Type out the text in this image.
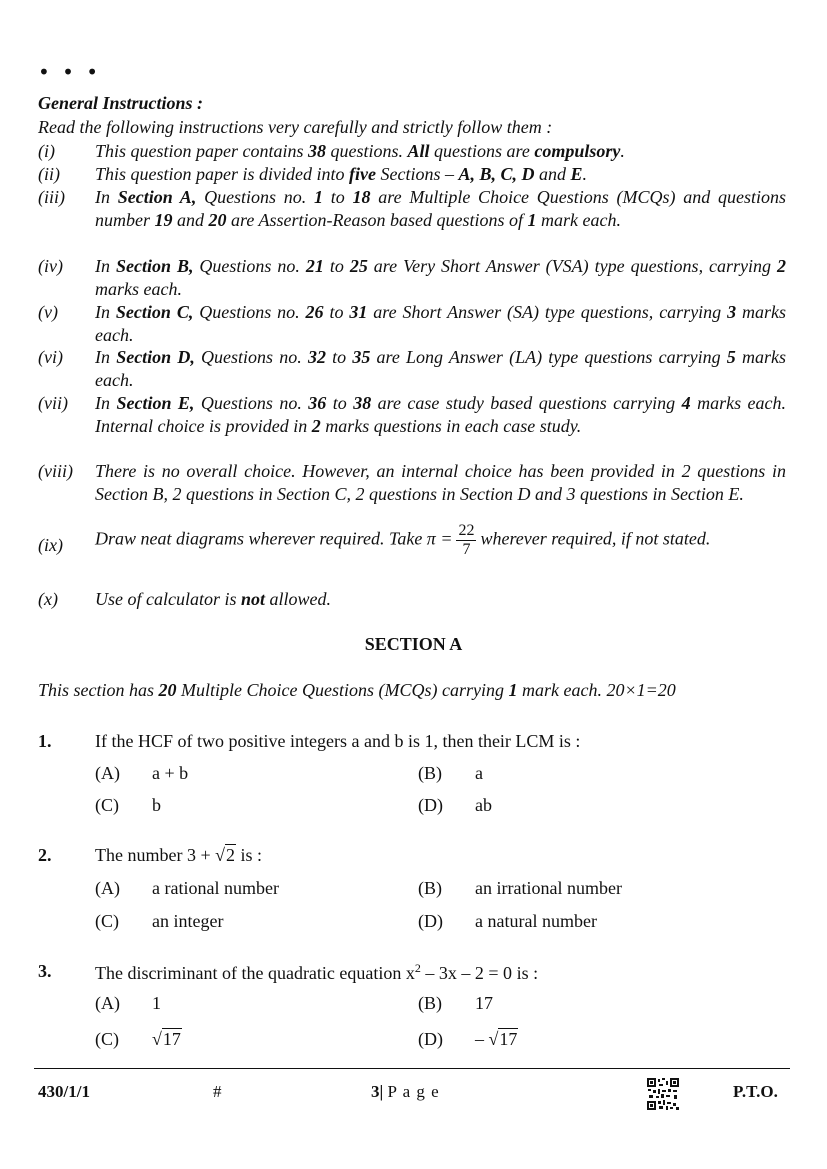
• • •
General Instructions :
Read the following instructions very carefully and strictly follow them :
(i) This question paper contains 38 questions. All questions are compulsory.
(ii) This question paper is divided into five Sections – A, B, C, D and E.
(iii) In Section A, Questions no. 1 to 18 are Multiple Choice Questions (MCQs) and questions number 19 and 20 are Assertion-Reason based questions of 1 mark each.
(iv) In Section B, Questions no. 21 to 25 are Very Short Answer (VSA) type questions, carrying 2 marks each.
(v) In Section C, Questions no. 26 to 31 are Short Answer (SA) type questions, carrying 3 marks each.
(vi) In Section D, Questions no. 32 to 35 are Long Answer (LA) type questions carrying 5 marks each.
(vii) In Section E, Questions no. 36 to 38 are case study based questions carrying 4 marks each. Internal choice is provided in 2 marks questions in each case study.
(viii) There is no overall choice. However, an internal choice has been provided in 2 questions in Section B, 2 questions in Section C, 2 questions in Section D and 3 questions in Section E.
(ix) Draw neat diagrams wherever required. Take $\pi = \frac{22}{7}$ wherever required, if not stated.
(x) Use of calculator is not allowed.
SECTION A
This section has 20 Multiple Choice Questions (MCQs) carrying 1 mark each. 20×1=20
1. If the HCF of two positive integers a and b is 1, then their LCM is :
(A) a + b	(B) a
(C) b	(D) ab
2. The number 3 + √2 is :
(A) a rational number	(B) an irrational number
(C) an integer	(D) a natural number
3. The discriminant of the quadratic equation $x^2 - 3x - 2 = 0$ is :
(A) 1	(B) 17
(C) √17	(D) – √17
430/1/1	#	3| P a g e	P.T.O.
